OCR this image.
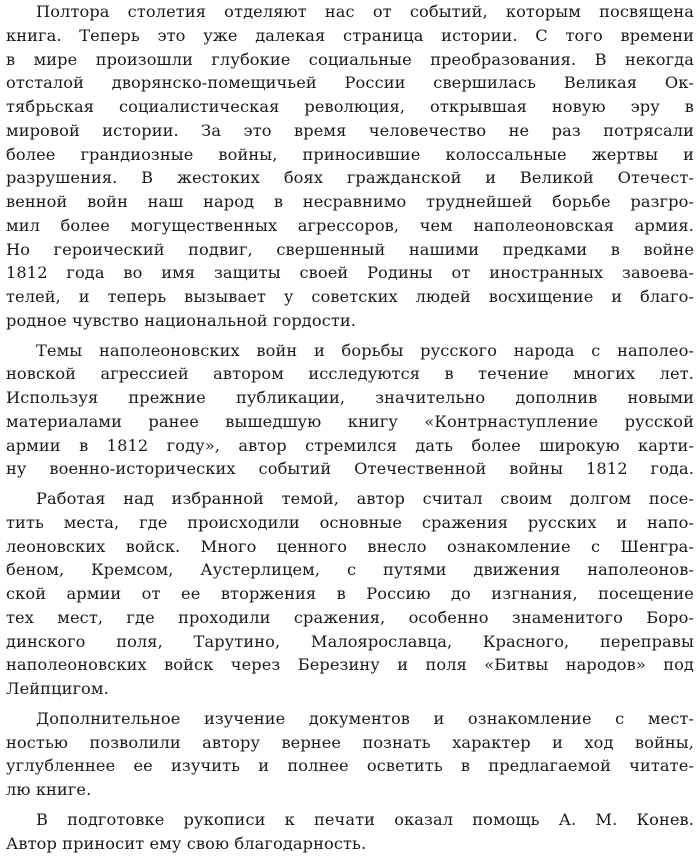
Полтора столетия отделяют нас от событий, которым посвящена
книга. Теперь это уже далекая страница истории. С того времени
в мире произошли глубокие социальные преобразования. В некогда
отсталой дворянско-помещичьей России свершилась Великая Ок-
тябрьская социалистическая революция, открывшая новую эру в
мировой истории. За это время человечество не раз потрясали
более грандиозные войны, приносившие колоссальные жертвы и
разрушения. В жестоких боях гражданской и Великой Отечест-
венной войн наш народ в несравнимо труднейшей борьбе разгро-
мил более могущественных агрессоров, чем наполеоновская армия.
Но героический подвиг, свершенный нашими предками в войне
1812 года во имя защиты своей Родины от иностранных завоева-
телей, и теперь вызывает у советских людей восхищение и благо-
родное чувство национальной гордости.

Темы наполеоновских войн и борьбы русского народа с наполео-
новской агрессией автором исследуются в течение многих лет.
Используя прежние публикации, значительно дополнив новыми
материалами ранее вышедшую книгу «Контрнаступление русской
армии в 1812 году», автор стремился дать более широкую карти-
ну военно-исторических событий Отечественной войны 1812 года.

Работая над избранной темой, автор считал своим долгом посе-
тить места, где происходили основные сражения русских и напо-
леоновских войск. Много ценного внесло ознакомление с Шенгра-
беном, Кремсом, Аустерлицем, с путями движения наполеонов-
ской армии от ее вторжения в Россию до изгнания, посещение
тех мест, где проходили сражения, особенно знаменитого Боро-
динского поля, Тарутино, Малоярославца, Красного, переправы
наполеоновских войск через Березину и поля «Битвы народов» под
Лейпцигом.

Дополнительное изучение документов и ознакомление с мест-
ностью позволили автору вернее познать характер и ход войны,
углубленнее ее изучить и полнее осветить в предлагаемой читате-
лю книге.

В подготовке рукописи к печати оказал помощь А. М. Конев.
Автор приносит ему свою благодарность.
